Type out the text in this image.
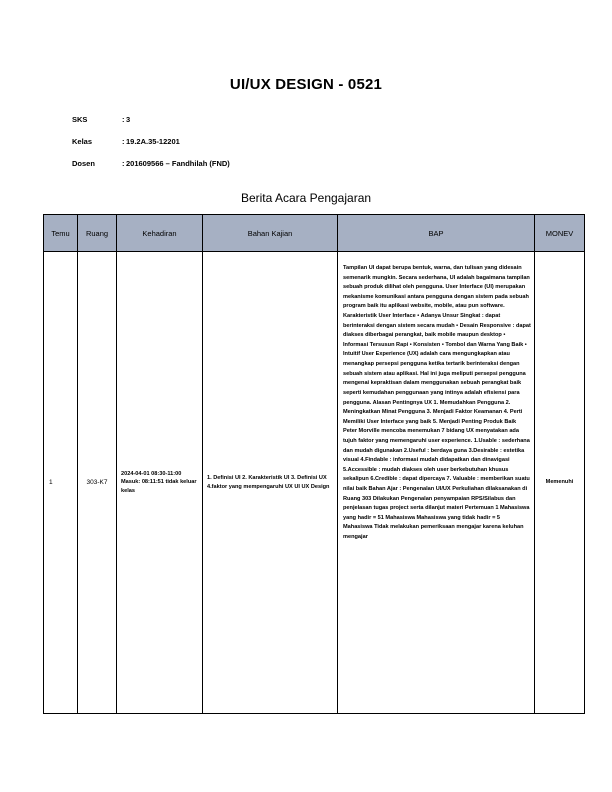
UI/UX DESIGN - 0521
SKS	: 3
Kelas	: 19.2A.35-12201
Dosen	: 201609566 – Fandhilah (FND)
Berita Acara Pengajaran
Temu	Ruang	Kehadiran	Bahan Kajian	BAP	MONEV
1	303-K7	2024-04-01 08:30-11:00 Masuk: 08:11:51 tidak keluar kelas	1. Definisi UI 2. Karakteristik UI 3. Definisi UX 4.faktor yang mempengaruhi UX UI UX Design	Tampilan UI dapat berupa bentuk, warna, dan tulisan yang didesain semenarik mungkin. Secara sederhana, UI adalah bagaimana tampilan sebuah produk dilihat oleh pengguna. User Interface (UI) merupakan mekanisme komunikasi antara pengguna dengan sistem pada sebuah program baik itu aplikasi website, mobile, atau pun software. Karakteristik User Interface • Adanya Unsur Singkat : dapat berinteraksi dengan sistem secara mudah • Desain Responsive : dapat diakses diberbagai perangkat, baik mobile maupun desktop • Informasi Tersusun Rapi • Konsisten • Tombol dan Warna Yang Baik • Intuitif User Experience (UX) adalah cara mengungkapkan atau menangkap persepsi pengguna ketika tertarik berinteraksi dengan sebuah sistem atau aplikasi. Hal ini juga meliputi persepsi pengguna mengenai kepraktisan dalam menggunakan sebuah perangkat baik seperti kemudahan penggunaan yang intinya adalah efisiensi para pengguna. Alasan Pentingnya UX 1. Memudahkan Pengguna 2. Meningkatkan Minat Pengguna 3. Menjadi Faktor Keamanan 4. Perti Memiliki User Interface yang baik 5. Menjadi Penting Produk Baik Peter Morville mencoba menemukan 7 bidang UX menyatakan ada tujuh faktor yang memengaruhi user experience. 1.Usable : sederhana dan mudah digunakan 2.Useful : berdaya guna 3.Desirable : estetika visual 4.Findable : informasi mudah didapatkan dan dinavigasi 5.Accessible : mudah diakses oleh user berkebutuhan khusus sekalipun 6.Credible : dapat dipercaya 7. Valuable : memberikan suatu nilai baik Bahan Ajar : Pengenalan UI/UX Perkuliahan dilaksanakan di Ruang 303 Dilakukan Pengenalan penyampaian RPS/Silabus dan penjelasan tugas project serta dilanjut materi Pertemuan 1 Mahasiswa yang hadir = 51 Mahasiswa Mahasiswa yang tidak hadir = 5 Mahasiswa Tidak melakukan pemeriksaan mengajar karena keluhan mengajar	Memenuhi
